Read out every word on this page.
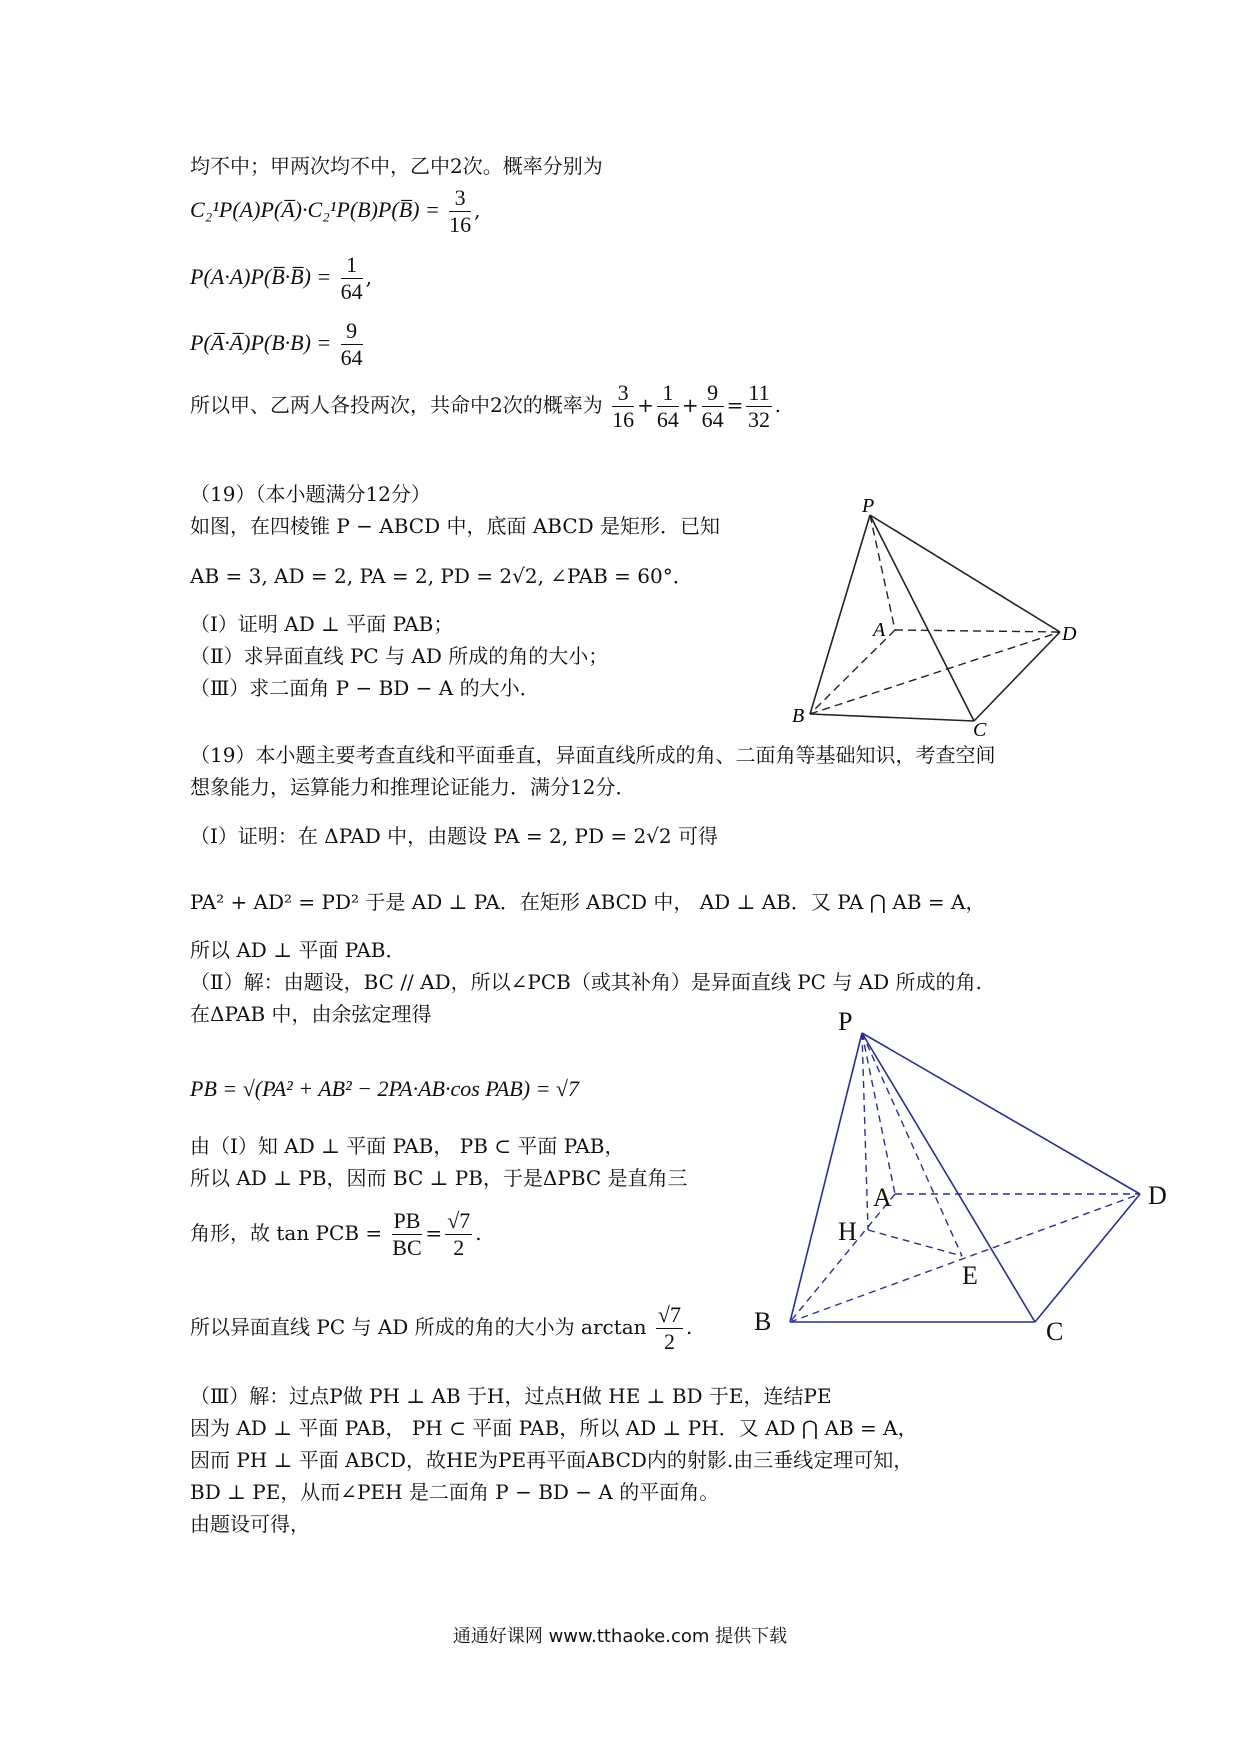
均不中；甲两次均不中，乙中2次。概率分别为
C₂¹P(A)P(A̅)·C₂¹P(B)P(B̅) = $\frac{3}{16}$ ,
P(A·A)P(B̅·B̅) = $\frac{1}{64}$ ,
P(A̅·A̅)P(B·B) = $\frac{9}{64}$
所以甲、乙两人各投两次，共命中2次的概率为 $\frac{3}{16} + \frac{1}{64} + \frac{9}{64} = \frac{11}{32}$ .
（19）（本小题满分12分）
如图，在四棱锥 P − ABCD 中，底面 ABCD 是矩形．已知
AB = 3, AD = 2, PA = 2, PD = 2√2, ∠PAB = 60°．
（Ⅰ）证明 AD ⊥ 平面 PAB；
（Ⅱ）求异面直线 PC 与 AD 所成的角的大小；
（Ⅲ）求二面角 P − BD − A 的大小．
P
A	D
B
C
（19）本小题主要考查直线和平面垂直，异面直线所成的角、二面角等基础知识，考查空间
想象能力，运算能力和推理论证能力．满分12分．
（Ⅰ）证明：在 ΔPAD 中，由题设 PA = 2, PD = 2√2 可得
PA² + AD² = PD² 于是 AD ⊥ PA．在矩形 ABCD 中， AD ⊥ AB．又 PA ⋂ AB = A，
所以 AD ⊥ 平面 PAB．
（Ⅱ）解：由题设，BC // AD，所以∠PCB（或其补角）是异面直线 PC 与 AD 所成的角.
在ΔPAB 中，由余弦定理得
PB = √(PA² + AB² − 2PA·AB·cos PAB) = √7
由（Ⅰ）知 AD ⊥ 平面 PAB， PB ⊂ 平面 PAB，
所以 AD ⊥ PB，因而 BC ⊥ PB，于是ΔPBC 是直角三
角形，故 tan PCB = $\frac{PB}{BC} = \frac{√7}{2}$ .
所以异面直线 PC 与 AD 所成的角的大小为 $\arctan \frac{√7}{2}$ .
P
A
H
D
E
B	C
（Ⅲ）解：过点P做 PH ⊥ AB 于H，过点H做 HE ⊥ BD 于E，连结PE
因为 AD ⊥ 平面 PAB， PH ⊂ 平面 PAB，所以 AD ⊥ PH．又 AD ⋂ AB = A，
因而 PH ⊥ 平面 ABCD，故HE为PE再平面ABCD内的射影.由三垂线定理可知，
BD ⊥ PE，从而∠PEH 是二面角 P − BD − A 的平面角。
由题设可得，
通通好课网 www.tthaoke.com 提供下载
